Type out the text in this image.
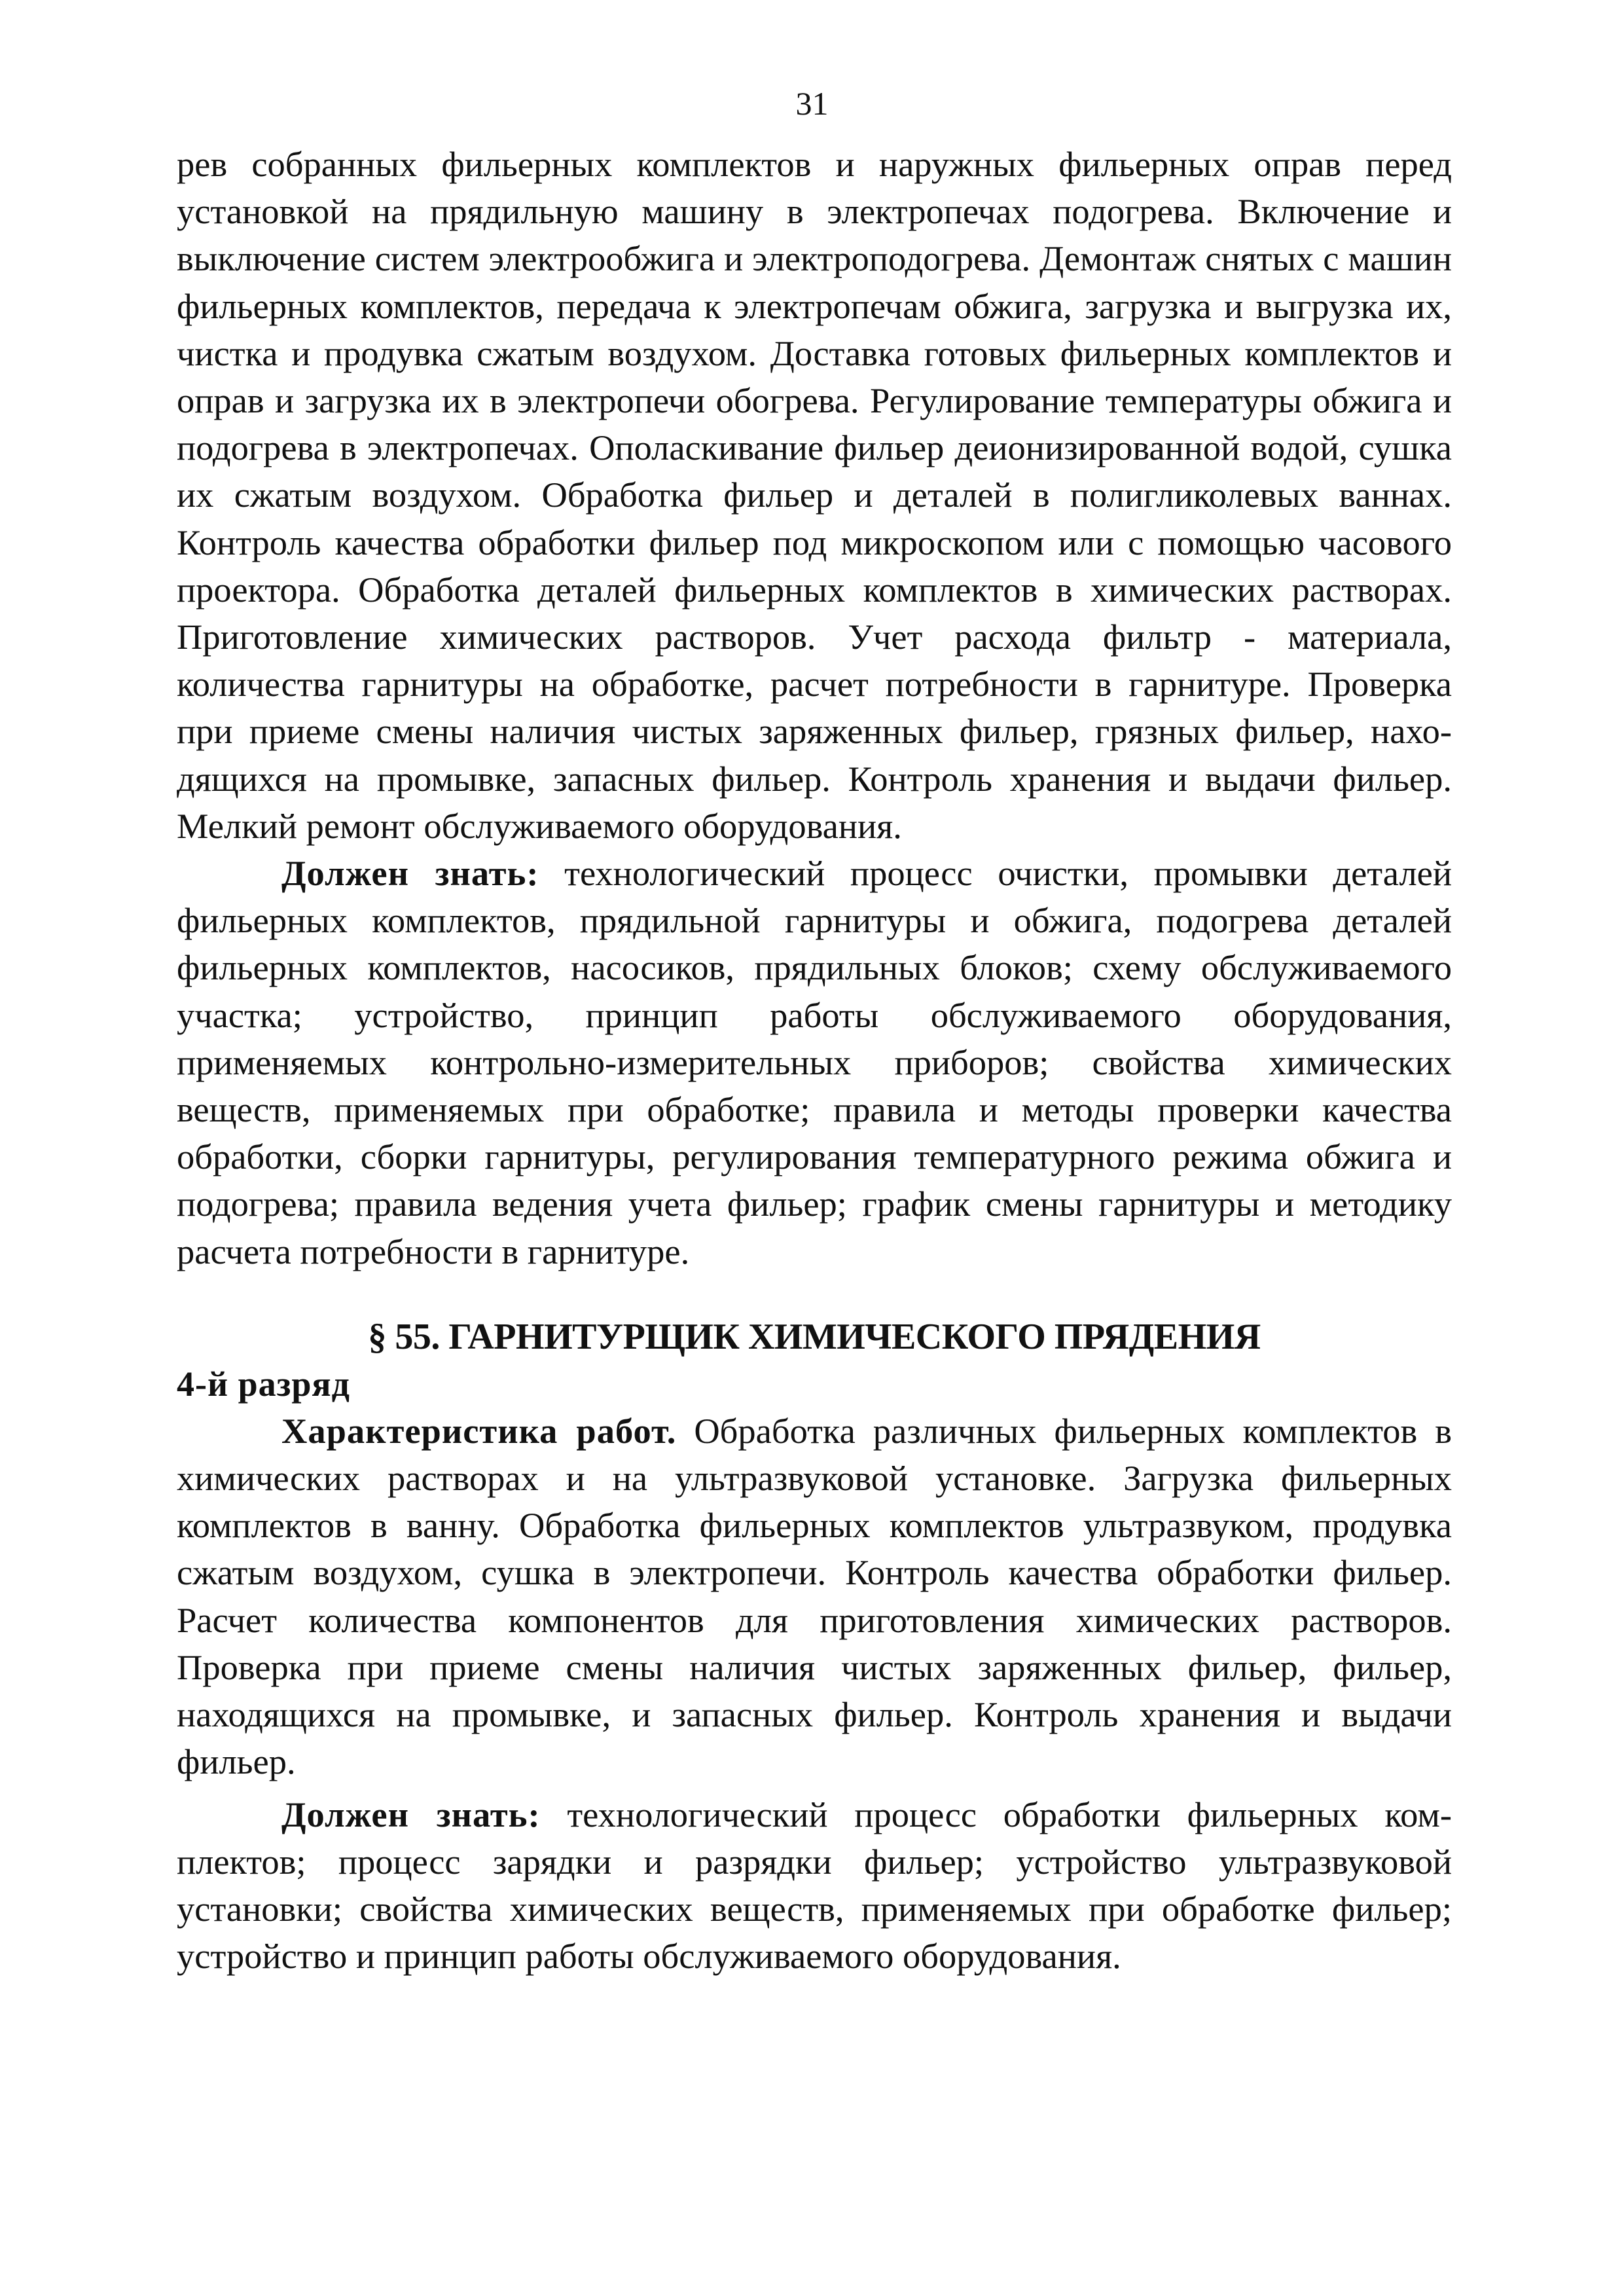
31

рев собранных фильерных комплектов и наружных фильерных оправ перед установкой на прядильную машину в электропечах подогрева. Включение и выключение систем электрообжига и электроподогрева. Демонтаж снятых с машин фильерных комплектов, передача к электропечам обжига, загрузка и выгрузка их, чистка и продувка сжатым воздухом. Доставка готовых фильерных комплектов и оправ и загрузка их в электропечи обогрева. Регулирование температуры обжига и подогрева в электропечах. Ополаскивание фильер деионизированной водой, сушка их сжатым воздухом. Обработка фильер и деталей в полигликолевых ваннах. Контроль качества обработки фильер под микроскопом или с помощью часового проектора. Обработка деталей фильерных комплектов в химических растворах. Приготовление химических растворов. Учет расхода фильтр - материала, количества гарнитуры на обработке, расчет потребности в гарнитуре. Проверка при приеме смены наличия чистых заряженных фильер, грязных фильер, находящихся на промывке, запасных фильер. Контроль хранения и выдачи фильер. Мелкий ремонт обслуживаемого оборудования.

Должен знать: технологический процесс очистки, промывки деталей фильерных комплектов, прядильной гарнитуры и обжига, подогрева деталей фильерных комплектов, насосиков, прядильных блоков; схему обслуживаемого участка; устройство, принцип работы обслуживаемого оборудования, применяемых контрольно-измерительных приборов; свойства химических веществ, применяемых при обработке; правила и методы проверки качества обработки, сборки гарнитуры, регулирования температурного режима обжига и подогрева; правила ведения учета фильер; график смены гарнитуры и методику расчета потребности в гарнитуре.

§ 55. ГАРНИТУРЩИК ХИМИЧЕСКОГО ПРЯДЕНИЯ

4-й разряд

Характеристика работ. Обработка различных фильерных комплектов в химических растворах и на ультразвуковой установке. Загрузка фильерных комплектов в ванну. Обработка фильерных комплектов ультразвуком, продувка сжатым воздухом, сушка в электропечи. Контроль качества обработки фильер. Расчет количества компонентов для приготовления химических растворов. Проверка при приеме смены наличия чистых заряженных фильер, фильер, находящихся на промывке, и запасных фильер. Контроль хранения и выдачи фильер.

Должен знать: технологический процесс обработки фильерных комплектов; процесс зарядки и разрядки фильер; устройство ультразвуковой установки; свойства химических веществ, применяемых при обработке фильер; устройство и принцип работы обслуживаемого оборудования.
